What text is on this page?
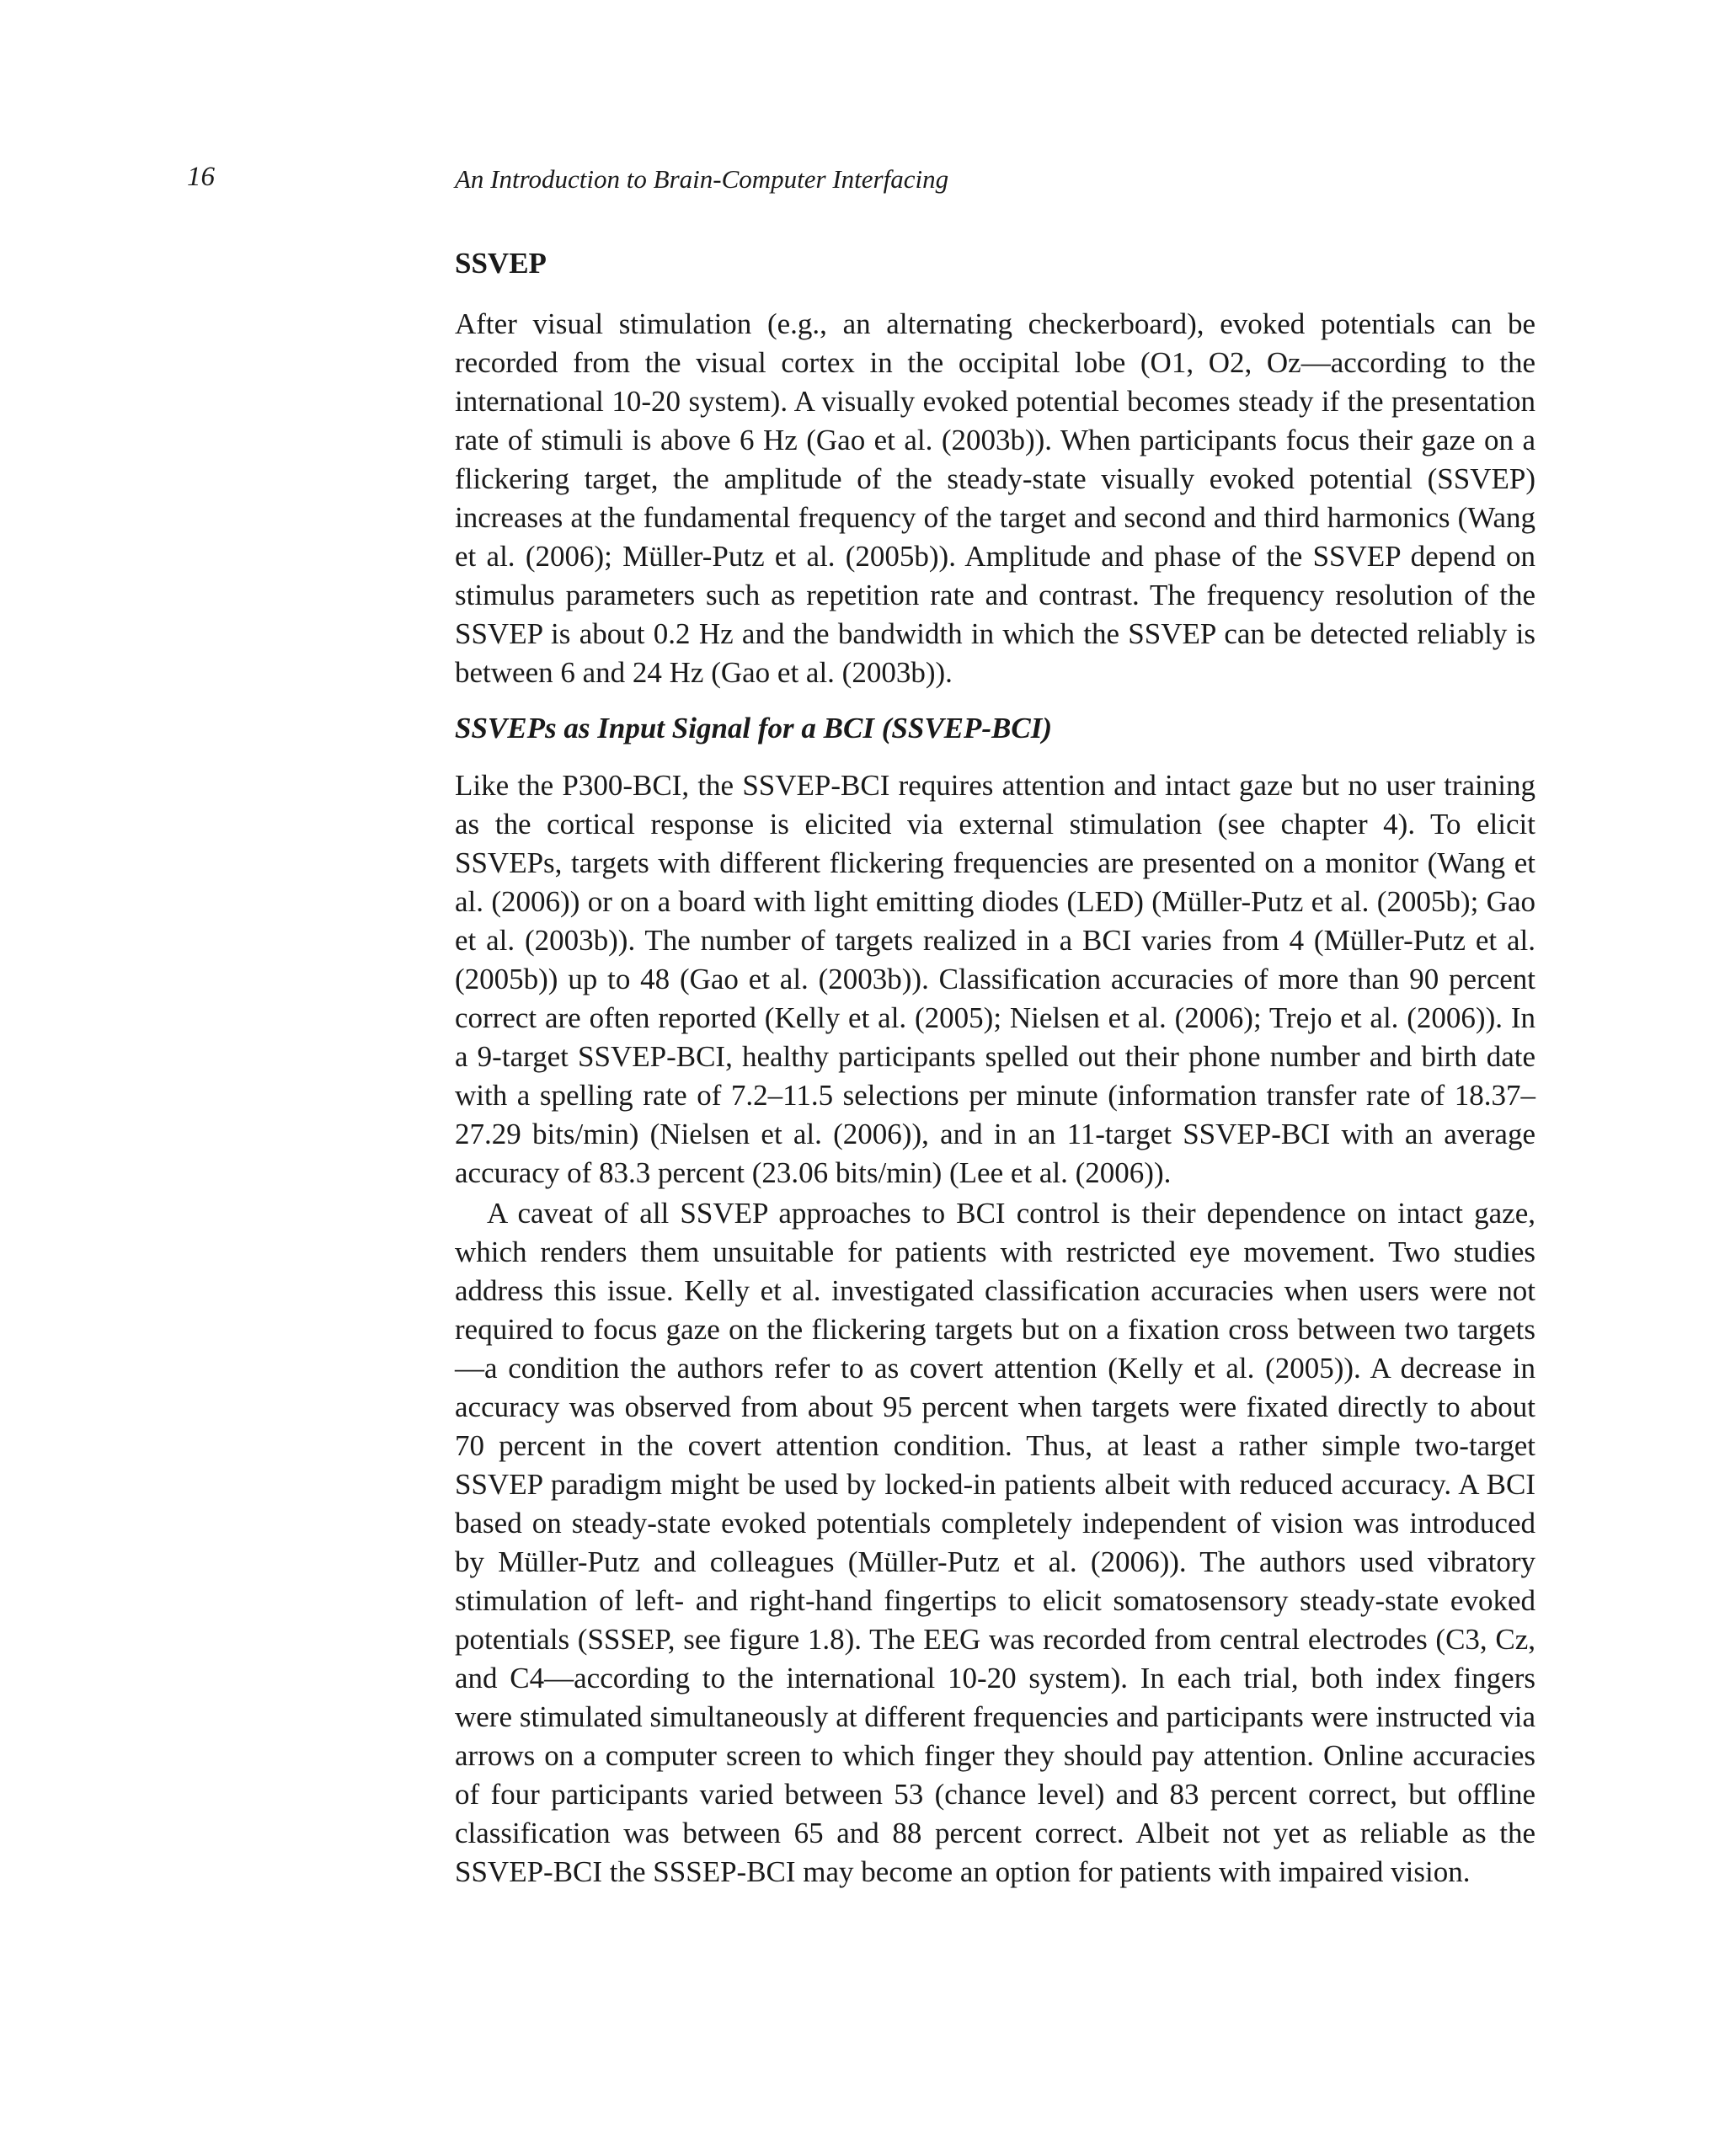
16	An Introduction to Brain-Computer Interfacing
SSVEP

After visual stimulation (e.g., an alternating checkerboard), evoked potentials can be recorded from the visual cortex in the occipital lobe (O1, O2, Oz—according to the international 10-20 system). A visually evoked potential becomes steady if the presentation rate of stimuli is above 6 Hz (Gao et al. (2003b)). When participants focus their gaze on a flickering target, the amplitude of the steady-state visually evoked potential (SSVEP) increases at the fundamental frequency of the target and second and third harmonics (Wang et al. (2006); Müller-Putz et al. (2005b)). Amplitude and phase of the SSVEP depend on stimulus parameters such as repetition rate and contrast. The frequency resolution of the SSVEP is about 0.2 Hz and the bandwidth in which the SSVEP can be detected reliably is between 6 and 24 Hz (Gao et al. (2003b)).

SSVEPs as Input Signal for a BCI (SSVEP-BCI)

Like the P300-BCI, the SSVEP-BCI requires attention and intact gaze but no user training as the cortical response is elicited via external stimulation (see chapter 4). To elicit SSVEPs, targets with different flickering frequencies are presented on a monitor (Wang et al. (2006)) or on a board with light emitting diodes (LED) (Müller-Putz et al. (2005b); Gao et al. (2003b)). The number of targets realized in a BCI varies from 4 (Müller-Putz et al. (2005b)) up to 48 (Gao et al. (2003b)). Classification accuracies of more than 90 percent correct are often reported (Kelly et al. (2005); Nielsen et al. (2006); Trejo et al. (2006)). In a 9-target SSVEP-BCI, healthy participants spelled out their phone number and birth date with a spelling rate of 7.2–11.5 selections per minute (information transfer rate of 18.37–27.29 bits/min) (Nielsen et al. (2006)), and in an 11-target SSVEP-BCI with an average accuracy of 83.3 percent (23.06 bits/min) (Lee et al. (2006)).

A caveat of all SSVEP approaches to BCI control is their dependence on intact gaze, which renders them unsuitable for patients with restricted eye movement. Two studies address this issue. Kelly et al. investigated classification accuracies when users were not required to focus gaze on the flickering targets but on a fixation cross between two targets—a condition the authors refer to as covert attention (Kelly et al. (2005)). A decrease in accuracy was observed from about 95 percent when targets were fixated directly to about 70 percent in the covert attention condition. Thus, at least a rather simple two-target SSVEP paradigm might be used by locked-in patients albeit with reduced accuracy. A BCI based on steady-state evoked potentials completely independent of vision was introduced by Müller-Putz and colleagues (Müller-Putz et al. (2006)). The authors used vibratory stimulation of left- and right-hand fingertips to elicit somatosensory steady-state evoked potentials (SSSEP, see figure 1.8). The EEG was recorded from central electrodes (C3, Cz, and C4—according to the international 10-20 system). In each trial, both index fingers were stimulated simultaneously at different frequencies and participants were instructed via arrows on a computer screen to which finger they should pay attention. Online accuracies of four participants varied between 53 (chance level) and 83 percent correct, but offline classification was between 65 and 88 percent correct. Albeit not yet as reliable as the SSVEP-BCI the SSSEP-BCI may become an option for patients with impaired vision.
